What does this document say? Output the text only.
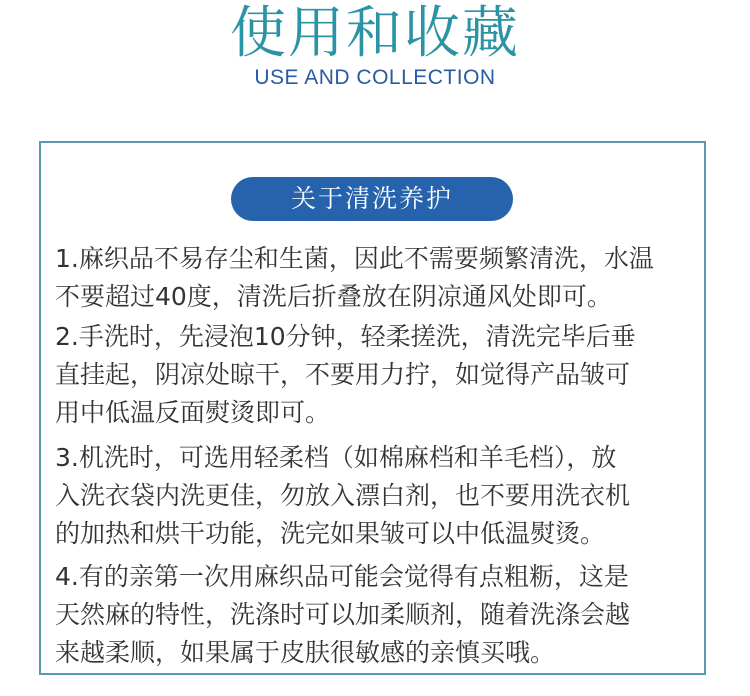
使用和收藏
USE AND COLLECTION
关于清洗养护

1.麻织品不易存尘和生菌，因此不需要频繁清洗，水温
不要超过40度，清洗后折叠放在阴凉通风处即可。

2.手洗时，先浸泡10分钟，轻柔搓洗，清洗完毕后垂
直挂起，阴凉处晾干，不要用力拧，如觉得产品皱可
用中低温反面熨烫即可。

3.机洗时，可选用轻柔档（如棉麻档和羊毛档），放
入洗衣袋内洗更佳，勿放入漂白剂，也不要用洗衣机
的加热和烘干功能，洗完如果皱可以中低温熨烫。

4.有的亲第一次用麻织品可能会觉得有点粗粝，这是
天然麻的特性，洗涤时可以加柔顺剂，随着洗涤会越
来越柔顺，如果属于皮肤很敏感的亲慎买哦。
